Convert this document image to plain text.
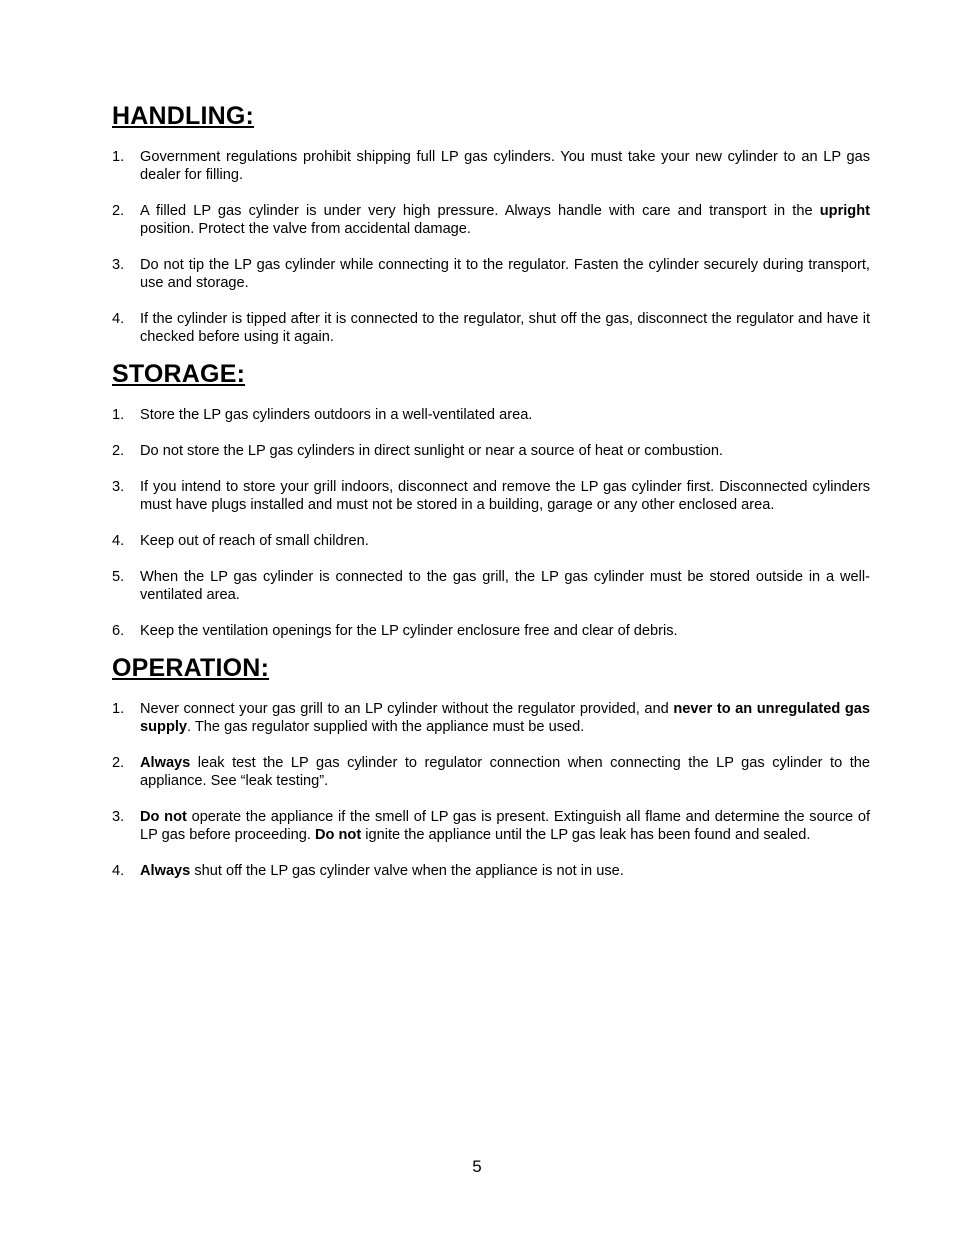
HANDLING:
1.	Government regulations prohibit shipping full LP gas cylinders. You must take your new cylinder to an LP gas dealer for filling.
2.	A filled LP gas cylinder is under very high pressure. Always handle with care and transport in the upright position. Protect the valve from accidental damage.
3.	Do not tip the LP gas cylinder while connecting it to the regulator. Fasten the cylinder securely during transport, use and storage.
4.	If the cylinder is tipped after it is connected to the regulator, shut off the gas, disconnect the regulator and have it checked before using it again.
STORAGE:
1.	Store the LP gas cylinders outdoors in a well-ventilated area.
2.	Do not store the LP gas cylinders in direct sunlight or near a source of heat or combustion.
3.	If you intend to store your grill indoors, disconnect and remove the LP gas cylinder first. Disconnected cylinders must have plugs installed and must not be stored in a building, garage or any other enclosed area.
4.	Keep out of reach of small children.
5.	When the LP gas cylinder is connected to the gas grill, the LP gas cylinder must be stored outside in a well-ventilated area.
6.	Keep the ventilation openings for the LP cylinder enclosure free and clear of debris.
OPERATION:
1.	Never connect your gas grill to an LP cylinder without the regulator provided, and never to an unregulated gas supply. The gas regulator supplied with the appliance must be used.
2.	Always leak test the LP gas cylinder to regulator connection when connecting the LP gas cylinder to the appliance. See “leak testing”.
3.	Do not operate the appliance if the smell of LP gas is present. Extinguish all flame and determine the source of LP gas before proceeding. Do not ignite the appliance until the LP gas leak has been found and sealed.
4.	Always shut off the LP gas cylinder valve when the appliance is not in use.
5
